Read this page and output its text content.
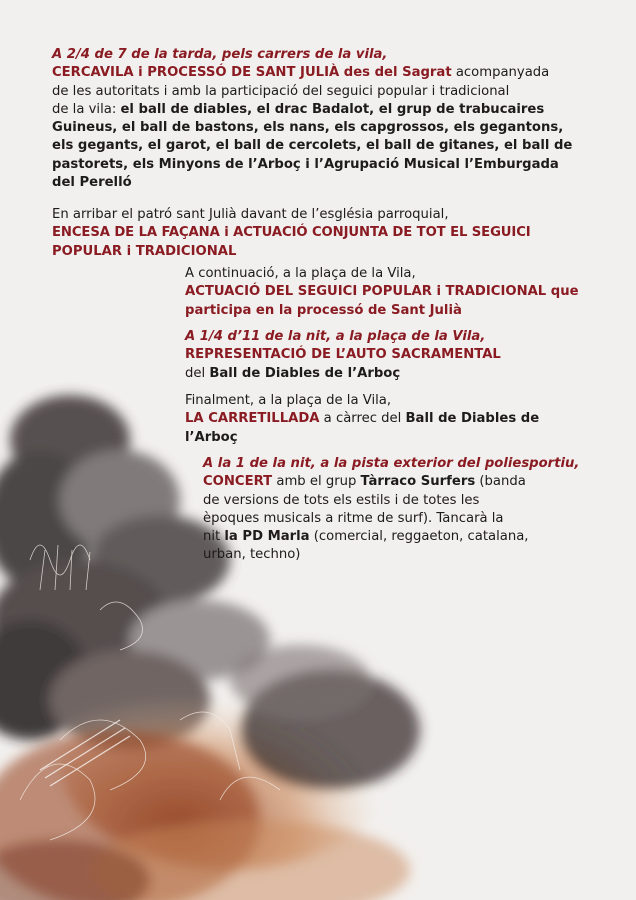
A 2/4 de 7 de la tarda, pels carrers de la vila,

CERCAVILA i PROCESSÓ DE SANT JULIÀ des del Sagrat acompanyada

de les autoritats i amb la participació del seguici popular i tradicional

de la vila: el ball de diables, el drac Badalot, el grup de trabucaires

Guineus, el ball de bastons, els nans, els capgrossos, els gegantons,

els gegants, el garot, el ball de cercolets, el ball de gitanes, el ball de

pastorets, els Minyons de l’Arboç i l’Agrupació Musical l’Emburgada

del Perelló

En arribar el patró sant Julià davant de l’església parroquial,

ENCESA DE LA FAÇANA i ACTUACIÓ CONJUNTA DE TOT EL SEGUICI

POPULAR i TRADICIONAL

A continuació, a la plaça de la Vila,

ACTUACIÓ DEL SEGUICI POPULAR i TRADICIONAL que

participa en la processó de Sant Julià

A 1/4 d’11 de la nit, a la plaça de la Vila,

REPRESENTACIÓ DE L’AUTO SACRAMENTAL

del Ball de Diables de l’Arboç

Finalment, a la plaça de la Vila,

LA CARRETILLADA a càrrec del Ball de Diables de

l’Arboç

A la 1 de la nit, a la pista exterior del poliesportiu,

CONCERT amb el grup Tàrraco Surfers (banda

de versions de tots els estils i de totes les

èpoques musicals a ritme de surf). Tancarà la

nit la PD Marla (comercial, reggaeton, catalana,

urban, techno)
